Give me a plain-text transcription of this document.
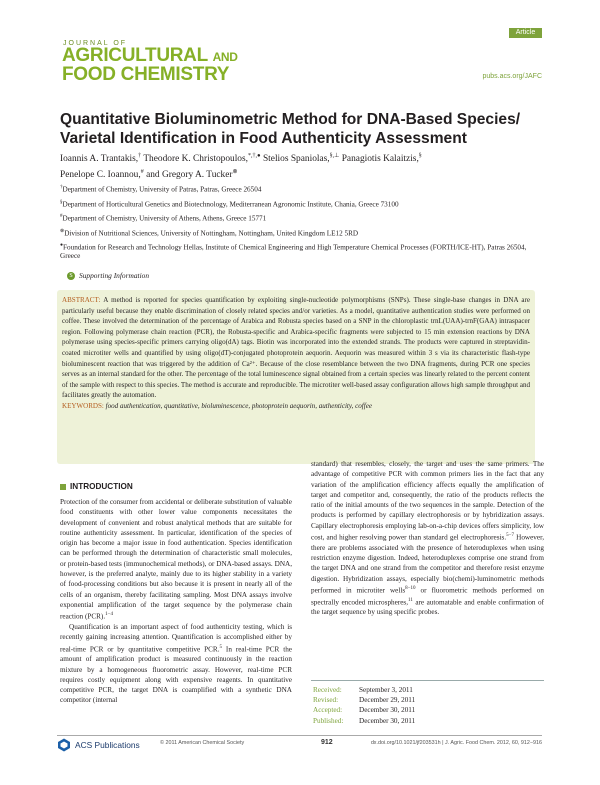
JOURNAL OF
AGRICULTURAL AND
FOOD CHEMISTRY
Article
pubs.acs.org/JAFC
Quantitative Bioluminometric Method for DNA-Based Species/ Varietal Identification in Food Authenticity Assessment
Ioannis A. Trantakis,† Theodore K. Christopoulos,*,†,● Stelios Spaniolas,§,⊥ Panagiotis Kalaitzis,§
Penelope C. Ioannou,# and Gregory A. Tucker⊗

†Department of Chemistry, University of Patras, Patras, Greece 26504

§Department of Horticultural Genetics and Biotechnology, Mediterranean Agronomic Institute, Chania, Greece 73100

#Department of Chemistry, University of Athens, Athens, Greece 15771

⊗Division of Nutritional Sciences, University of Nottingham, Nottingham, United Kingdom LE12 5RD

●Foundation for Research and Technology Hellas, Institute of Chemical Engineering and High Temperature Chemical Processes (FORTH/ICE-HT), Patras 26504, Greece

S Supporting Information
ABSTRACT: A method is reported for species quantification by exploiting single-nucleotide polymorphisms (SNPs). These single-base changes in DNA are particularly useful because they enable discrimination of closely related species and/or varieties. As a model, quantitative authentication studies were performed on coffee. These involved the determination of the percentage of Arabica and Robusta species based on a SNP in the chloroplastic trnL(UAA)-trnF(GAA) intraspacer region. Following polymerase chain reaction (PCR), the Robusta-specific and Arabica-specific fragments were subjected to 15 min extension reactions by DNA polymerase using species-specific primers carrying oligo(dA) tags. Biotin was incorporated into the extended strands. The products were captured in streptavidin-coated microtiter wells and quantified by using oligo(dT)-conjugated photoprotein aequorin. Aequorin was measured within 3 s via its characteristic flash-type bioluminescent reaction that was triggered by the addition of Ca²⁺. Because of the close resemblance between the two DNA fragments, during PCR one species serves as an internal standard for the other. The percentage of the total luminescence signal obtained from a certain species was linearly related to the percent content of the sample with respect to this species. The method is accurate and reproducible. The microtiter well-based assay configuration allows high sample throughput and facilitates greatly the automation.
KEYWORDS: food authentication, quantitative, bioluminescence, photoprotein aequorin, authenticity, coffee
INTRODUCTION

Protection of the consumer from accidental or deliberate substitution of valuable food constituents with other lower value components necessitates the development of convenient and robust analytical methods that are suitable for routine authenticity assessment. In particular, identification of the species of origin has become a major issue in food authentication. Species identification can be performed through the determination of characteristic small molecules, or protein-based tests (immunochemical methods), or DNA-based assays. DNA, however, is the preferred analyte, mainly due to its higher stability in a variety of food-processing conditions but also because it is present in nearly all of the cells of an organism, thereby facilitating sampling. Most DNA assays involve exponential amplification of the target sequence by the polymerase chain reaction (PCR).$^{1-4}$

Quantification is an important aspect of food authenticity testing, which is recently gaining increasing attention. Quantification is accomplished either by real-time PCR or by quantitative competitive PCR.$^5$ In real-time PCR the amount of amplification product is measured continuously in the reaction mixture by a homogeneous fluorometric assay. However, real-time PCR requires costly equipment along with expensive reagents. In quantitative competitive PCR, the target DNA is coamplified with a synthetic DNA competitor (internal

standard) that resembles, closely, the target and uses the same primers. The advantage of competitive PCR with common primers lies in the fact that any variation of the amplification efficiency affects equally the amplification of target and competitor and, consequently, the ratio of the products reflects the ratio of the initial amounts of the two sequences in the sample. Detection of the products is performed by capillary electrophoresis or by hybridization assays. Capillary electrophoresis employing lab-on-a-chip devices offers simplicity, low cost, and higher resolving power than standard gel electrophoresis.$^{5-7}$ However, there are problems associated with the presence of heteroduplexes when using restriction enzyme digestion. Indeed, heteroduplexes comprise one strand from the target DNA and one strand from the competitor and therefore resist enzyme digestion. Hybridization assays, especially bio(chemi)-luminometric methods performed in microtiter wells$^{8-10}$ or fluorometric methods performed on spectrally encoded microspheres,$^{11}$ are automatable and enable confirmation of the target sequence by using specific probes.

Received:	September 3, 2011
Revised:	December 29, 2011
Accepted:	December 30, 2011
Published:	December 30, 2011
ACS Publications	© 2011 American Chemical Society	912	dx.doi.org/10.1021/jf203531h | J. Agric. Food Chem. 2012, 60, 912−916
